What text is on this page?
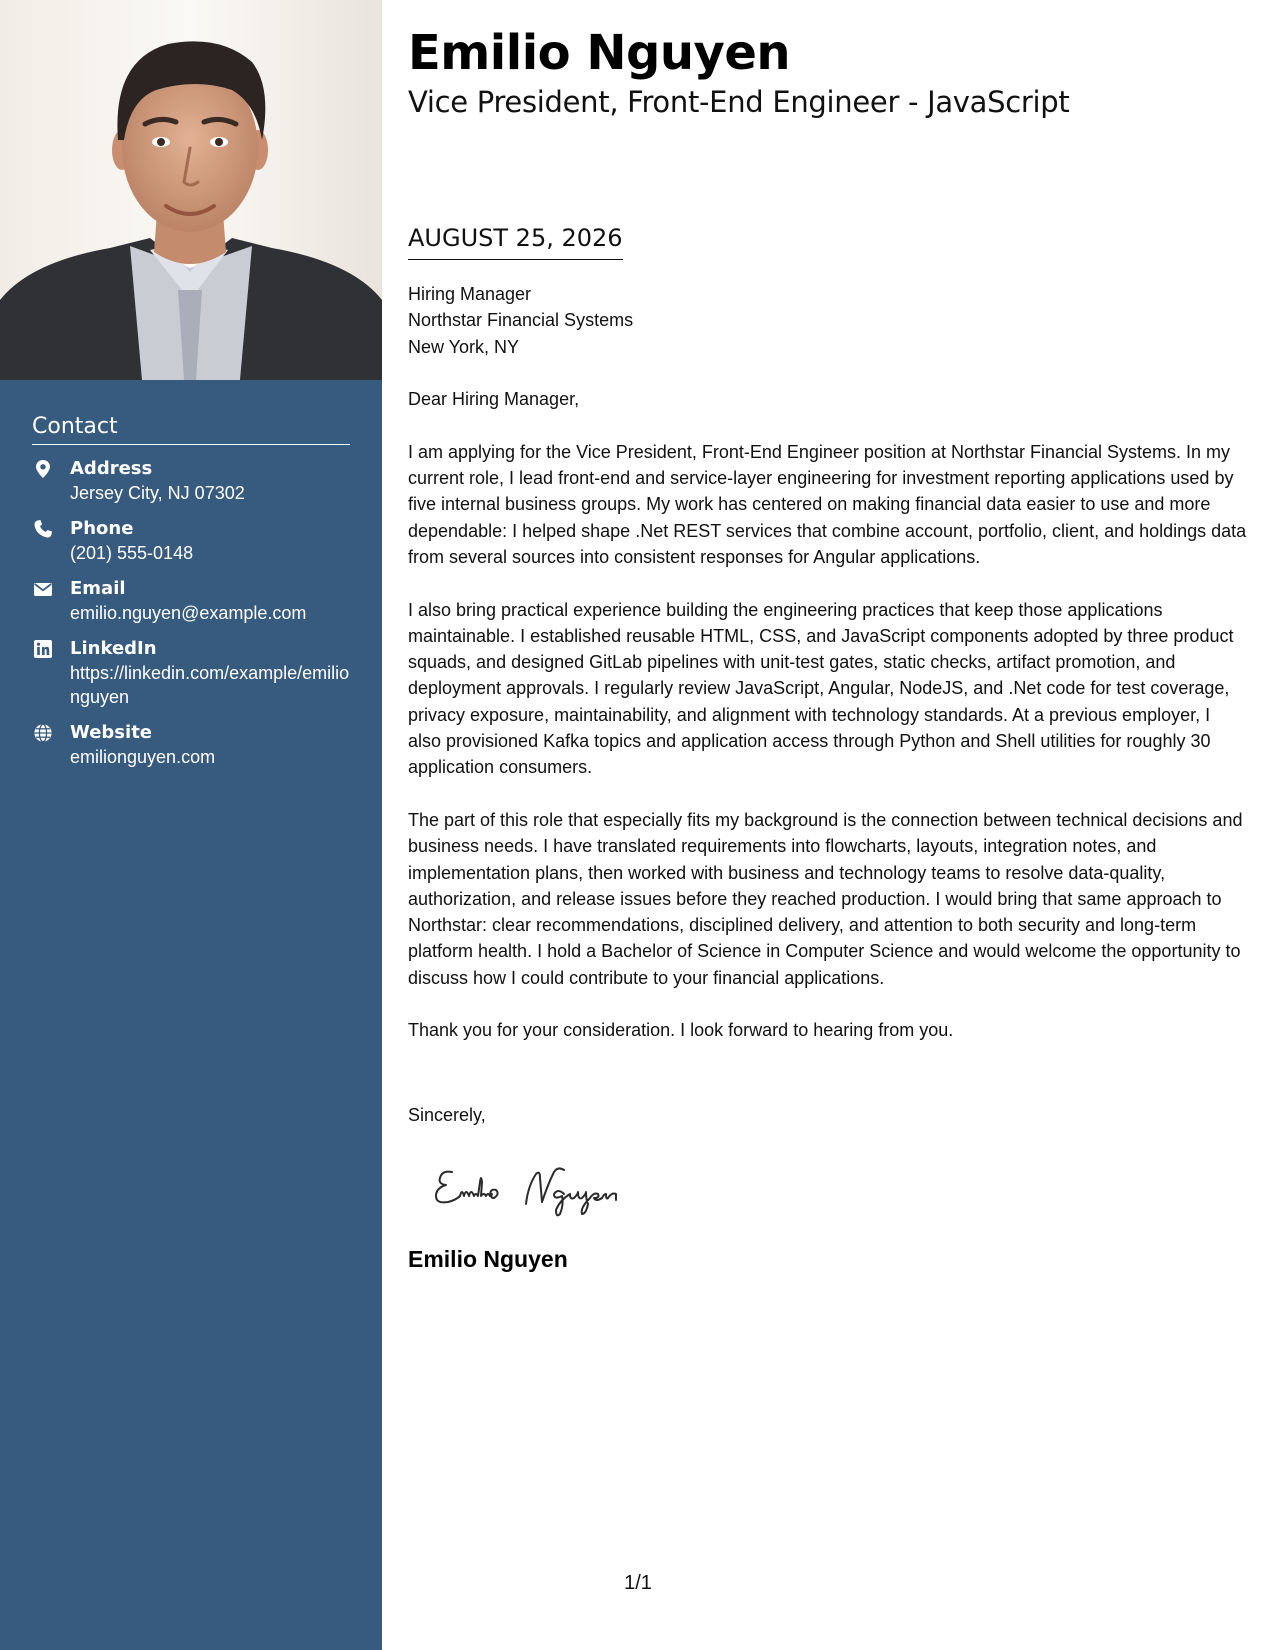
Contact
Address
Jersey City, NJ 07302
Phone
(201) 555-0148
Email
emilio.nguyen@example.com
LinkedIn
https://linkedin.com/example/emilionguyen
Website
emilionguyen.com
Emilio Nguyen
Vice President, Front-End Engineer - JavaScript
AUGUST 25, 2026
Hiring Manager
Northstar Financial Systems
New York, NY
Dear Hiring Manager,
I am applying for the Vice President, Front-End Engineer position at Northstar Financial Systems. In my current role, I lead front-end and service-layer engineering for investment reporting applications used by five internal business groups. My work has centered on making financial data easier to use and more dependable: I helped shape .Net REST services that combine account, portfolio, client, and holdings data from several sources into consistent responses for Angular applications.
I also bring practical experience building the engineering practices that keep those applications maintainable. I established reusable HTML, CSS, and JavaScript components adopted by three product squads, and designed GitLab pipelines with unit-test gates, static checks, artifact promotion, and deployment approvals. I regularly review JavaScript, Angular, NodeJS, and .Net code for test coverage, privacy exposure, maintainability, and alignment with technology standards. At a previous employer, I also provisioned Kafka topics and application access through Python and Shell utilities for roughly 30 application consumers.
The part of this role that especially fits my background is the connection between technical decisions and business needs. I have translated requirements into flowcharts, layouts, integration notes, and implementation plans, then worked with business and technology teams to resolve data-quality, authorization, and release issues before they reached production. I would bring that same approach to Northstar: clear recommendations, disciplined delivery, and attention to both security and long-term platform health. I hold a Bachelor of Science in Computer Science and would welcome the opportunity to discuss how I could contribute to your financial applications.
Thank you for your consideration. I look forward to hearing from you.
Sincerely,
Emilio Nguyen
1/1
